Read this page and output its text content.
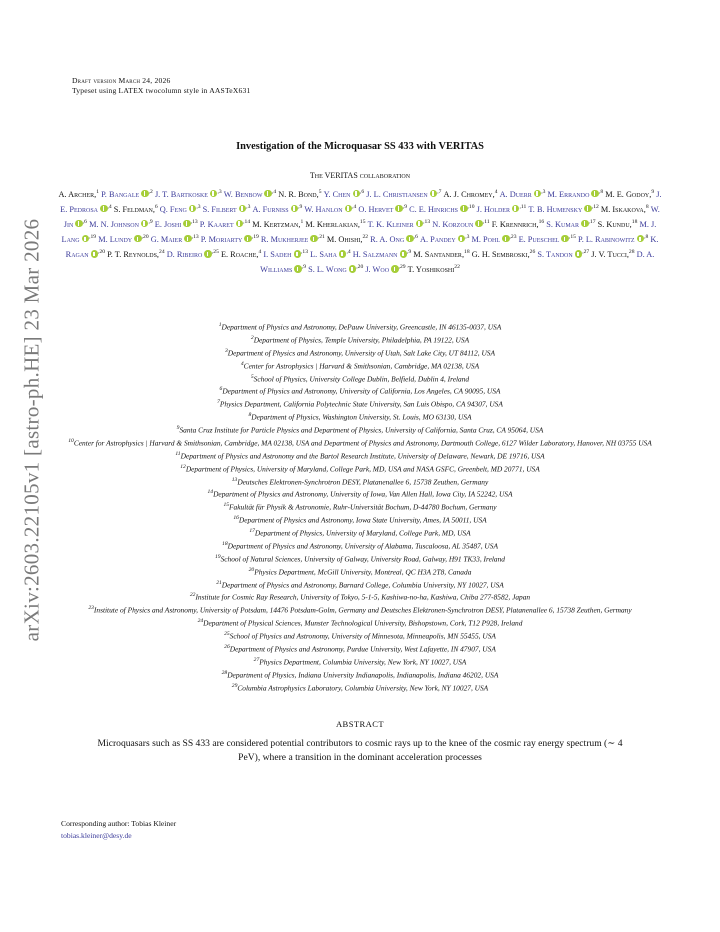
arXiv:2603.22105v1 [astro-ph.HE] 23 Mar 2026
Draft version March 24, 2026
Typeset using LATEX twocolumn style in AASTeX631
Investigation of the Microquasar SS 433 with VERITAS
The VERITAS collaboration
A. Archer,$^1$ P. Bangale $^{,2}$ J. T. Bartkoske $^{,3}$ W. Benbow $^{,4}$ N. R. Bond,$^5$ Y. Chen $^{,6}$ J. L. Christiansen $^{,7}$ A. J. Chromey,$^4$ A. Duerr $^{,3}$ M. Errando $^{,8}$ M. E. Godoy,$^9$ J. E. Pedrosa $^{,4}$ S. Feldman,$^6$ Q. Feng $^{,3}$ S. Filbert $^{,3}$ A. Furniss $^{,9}$ W. Hanlon $^{,4}$ O. Hervet $^{,9}$ C. E. Hinrichs $^{,10}$ J. Holder $^{,11}$ T. B. Humensky $^{,12}$ M. Iskakova,$^8$ W. Jin $^{,6}$ M. N. Johnson $^{,9}$ E. Joshi $^{,13}$ P. Kaaret $^{,14}$ M. Kertzman,$^1$ M. Kherlakian,$^{15}$ T. K. Kleiner $^{,13}$ N. Korzoun $^{,11}$ F. Krennrich,$^{16}$ S. Kumar $^{,17}$ S. Kundu,$^{18}$ M. J. Lang $^{,19}$ M. Lundy $^{,20}$ G. Maier $^{,13}$ P. Moriarty $^{,19}$ R. Mukherjee $^{,21}$ M. Ohishi,$^{22}$ R. A. Ong $^{,6}$ A. Pandey $^{,3}$ M. Pohl $^{,23}$ E. Pueschel $^{,15}$ P. L. Rabinowitz $^{,8}$ K. Ragan $^{,20}$ P. T. Reynolds,$^{24}$ D. Ribeiro $^{,25}$ E. Roache,$^4$ I. Sadeh $^{,13}$ L. Saha $^{,4}$ H. Salzmann $^{,9}$ M. Santander,$^{18}$ G. H. Sembroski,$^{26}$ S. Tandon $^{,27}$ J. V. Tucci,$^{28}$ D. A. Williams $^{,9}$ S. L. Wong $^{,20}$ J. Woo $^{,29}$ T. Yoshikoshi$^{22}$
$^1$Department of Physics and Astronomy, DePauw University, Greencastle, IN 46135-0037, USA
$^2$Department of Physics, Temple University, Philadelphia, PA 19122, USA
$^3$Department of Physics and Astronomy, University of Utah, Salt Lake City, UT 84112, USA
$^4$Center for Astrophysics | Harvard & Smithsonian, Cambridge, MA 02138, USA
$^5$School of Physics, University College Dublin, Belfield, Dublin 4, Ireland
$^6$Department of Physics and Astronomy, University of California, Los Angeles, CA 90095, USA
$^7$Physics Department, California Polytechnic State University, San Luis Obispo, CA 94307, USA
$^8$Department of Physics, Washington University, St. Louis, MO 63130, USA
$^9$Santa Cruz Institute for Particle Physics and Department of Physics, University of California, Santa Cruz, CA 95064, USA
$^{10}$Center for Astrophysics | Harvard & Smithsonian, Cambridge, MA 02138, USA and Department of Physics and Astronomy, Dartmouth College, 6127 Wilder Laboratory, Hanover, NH 03755 USA
$^{11}$Department of Physics and Astronomy and the Bartol Research Institute, University of Delaware, Newark, DE 19716, USA
$^{12}$Department of Physics, University of Maryland, College Park, MD, USA and NASA GSFC, Greenbelt, MD 20771, USA
$^{13}$Deutsches Elektronen-Synchrotron DESY, Platanenallee 6, 15738 Zeuthen, Germany
$^{14}$Department of Physics and Astronomy, University of Iowa, Van Allen Hall, Iowa City, IA 52242, USA
$^{15}$Fakultät für Physik & Astronomie, Ruhr-Universität Bochum, D-44780 Bochum, Germany
$^{16}$Department of Physics and Astronomy, Iowa State University, Ames, IA 50011, USA
$^{17}$Department of Physics, University of Maryland, College Park, MD, USA
$^{18}$Department of Physics and Astronomy, University of Alabama, Tuscaloosa, AL 35487, USA
$^{19}$School of Natural Sciences, University of Galway, University Road, Galway, H91 TK33, Ireland
$^{20}$Physics Department, McGill University, Montreal, QC H3A 2T8, Canada
$^{21}$Department of Physics and Astronomy, Barnard College, Columbia University, NY 10027, USA
$^{22}$Institute for Cosmic Ray Research, University of Tokyo, 5-1-5, Kashiwa-no-ha, Kashiwa, Chiba 277-8582, Japan
$^{23}$Institute of Physics and Astronomy, University of Potsdam, 14476 Potsdam-Golm, Germany and Deutsches Elektronen-Synchrotron DESY, Platanenallee 6, 15738 Zeuthen, Germany
$^{24}$Department of Physical Sciences, Munster Technological University, Bishopstown, Cork, T12 P928, Ireland
$^{25}$School of Physics and Astronomy, University of Minnesota, Minneapolis, MN 55455, USA
$^{26}$Department of Physics and Astronomy, Purdue University, West Lafayette, IN 47907, USA
$^{27}$Physics Department, Columbia University, New York, NY 10027, USA
$^{28}$Department of Physics, Indiana University Indianapolis, Indianapolis, Indiana 46202, USA
$^{29}$Columbia Astrophysics Laboratory, Columbia University, New York, NY 10027, USA
ABSTRACT
Microquasars such as SS 433 are considered potential contributors to cosmic rays up to the knee of the cosmic ray energy spectrum (∼ 4 PeV), where a transition in the dominant acceleration processes
Corresponding author: Tobias Kleiner
tobias.kleiner@desy.de
